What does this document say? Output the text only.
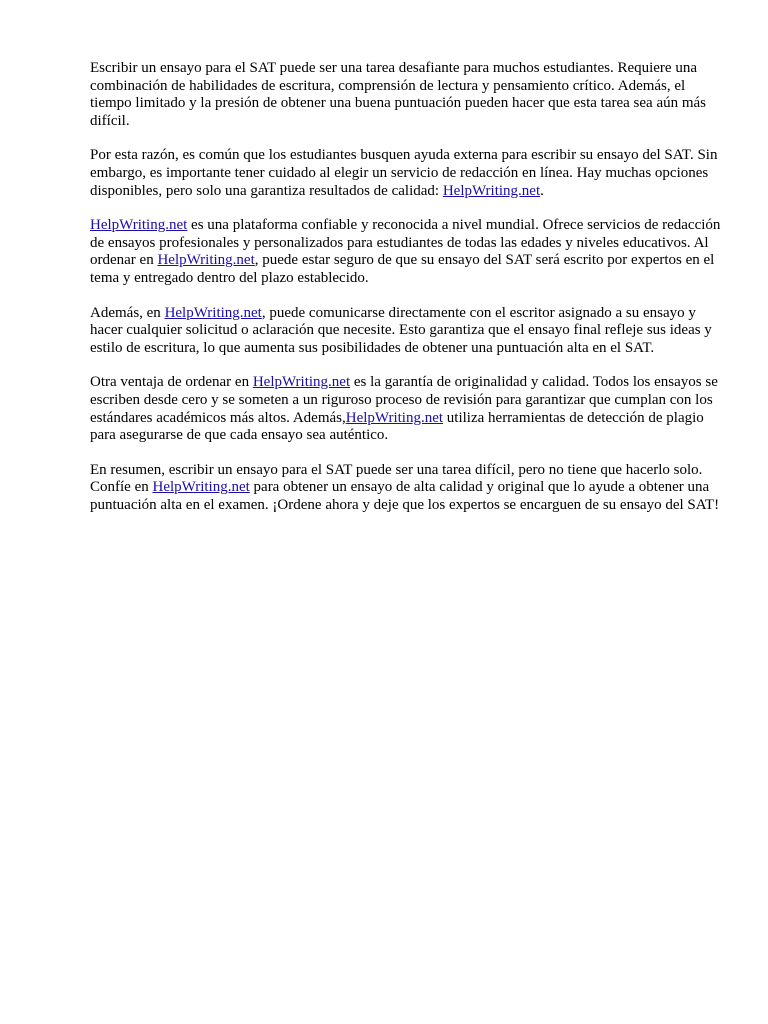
Escribir un ensayo para el SAT puede ser una tarea desafiante para muchos estudiantes. Requiere una combinación de habilidades de escritura, comprensión de lectura y pensamiento crítico. Además, el tiempo limitado y la presión de obtener una buena puntuación pueden hacer que esta tarea sea aún más difícil.

Por esta razón, es común que los estudiantes busquen ayuda externa para escribir su ensayo del SAT. Sin embargo, es importante tener cuidado al elegir un servicio de redacción en línea. Hay muchas opciones disponibles, pero solo una garantiza resultados de calidad: HelpWriting.net.

HelpWriting.net es una plataforma confiable y reconocida a nivel mundial. Ofrece servicios de redacción de ensayos profesionales y personalizados para estudiantes de todas las edades y niveles educativos. Al ordenar en HelpWriting.net, puede estar seguro de que su ensayo del SAT será escrito por expertos en el tema y entregado dentro del plazo establecido.

Además, en HelpWriting.net, puede comunicarse directamente con el escritor asignado a su ensayo y hacer cualquier solicitud o aclaración que necesite. Esto garantiza que el ensayo final refleje sus ideas y estilo de escritura, lo que aumenta sus posibilidades de obtener una puntuación alta en el SAT.

Otra ventaja de ordenar en HelpWriting.net es la garantía de originalidad y calidad. Todos los ensayos se escriben desde cero y se someten a un riguroso proceso de revisión para garantizar que cumplan con los estándares académicos más altos. Además,HelpWriting.net utiliza herramientas de detección de plagio para asegurarse de que cada ensayo sea auténtico.

En resumen, escribir un ensayo para el SAT puede ser una tarea difícil, pero no tiene que hacerlo solo. Confíe en HelpWriting.net para obtener un ensayo de alta calidad y original que lo ayude a obtener una puntuación alta en el examen. ¡Ordene ahora y deje que los expertos se encarguen de su ensayo del SAT!
